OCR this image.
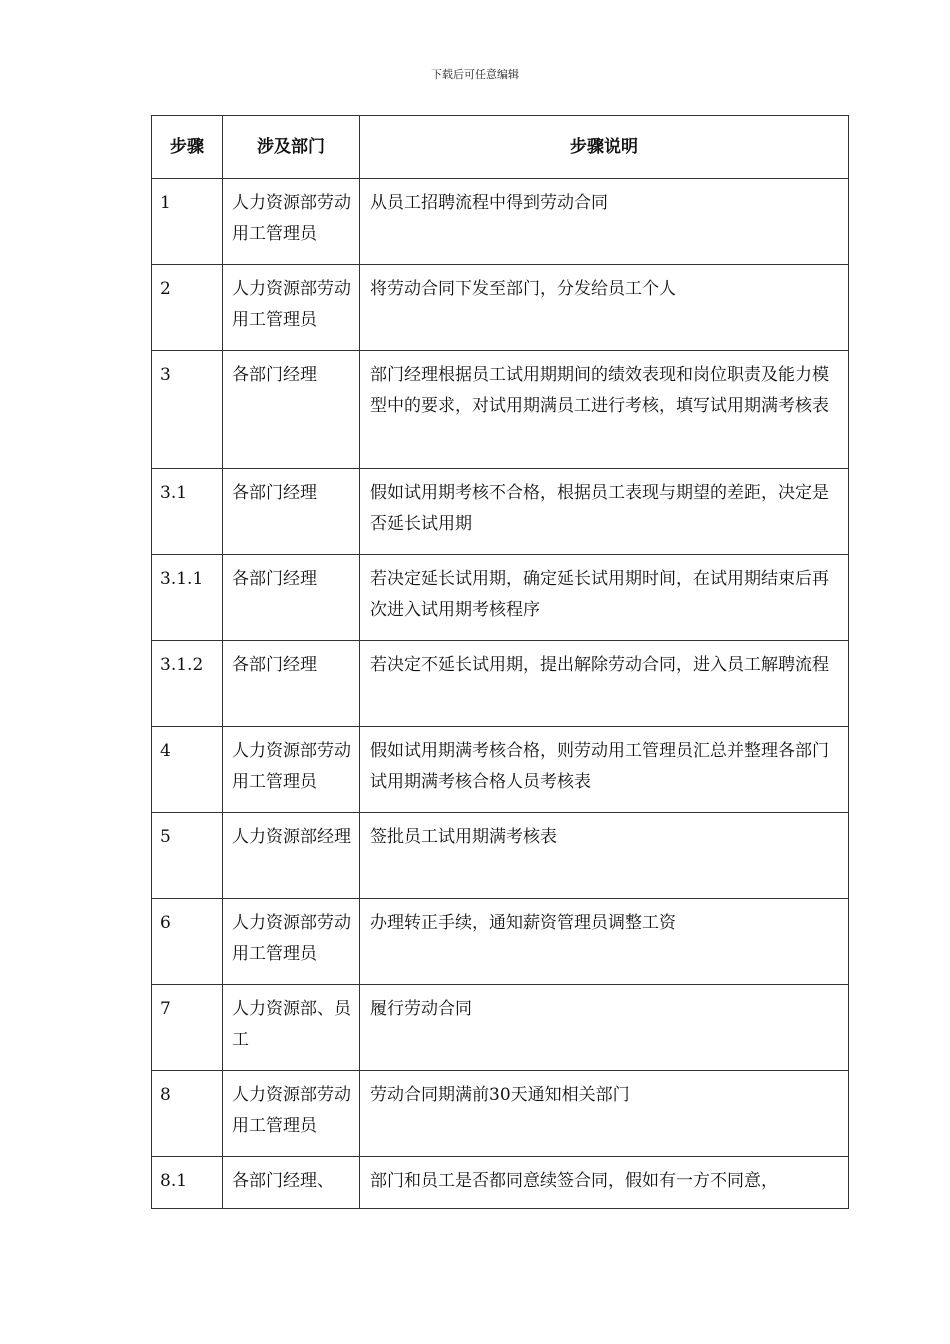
下载后可任意编辑
步骤	涉及部门	步骤说明
1	人力资源部劳动用工管理员	从员工招聘流程中得到劳动合同
2	人力资源部劳动用工管理员	将劳动合同下发至部门，分发给员工个人
3	各部门经理	部门经理根据员工试用期期间的绩效表现和岗位职责及能力模型中的要求，对试用期满员工进行考核，填写试用期满考核表
3.1	各部门经理	假如试用期考核不合格，根据员工表现与期望的差距，决定是否延长试用期
3.1.1	各部门经理	若决定延长试用期，确定延长试用期时间，在试用期结束后再次进入试用期考核程序
3.1.2	各部门经理	若决定不延长试用期，提出解除劳动合同，进入员工解聘流程
4	人力资源部劳动用工管理员	假如试用期满考核合格，则劳动用工管理员汇总并整理各部门试用期满考核合格人员考核表
5	人力资源部经理	签批员工试用期满考核表
6	人力资源部劳动用工管理员	办理转正手续，通知薪资管理员调整工资
7	人力资源部、员工	履行劳动合同
8	人力资源部劳动用工管理员	劳动合同期满前30天通知相关部门
8.1	各部门经理、	部门和员工是否都同意续签合同，假如有一方不同意，
